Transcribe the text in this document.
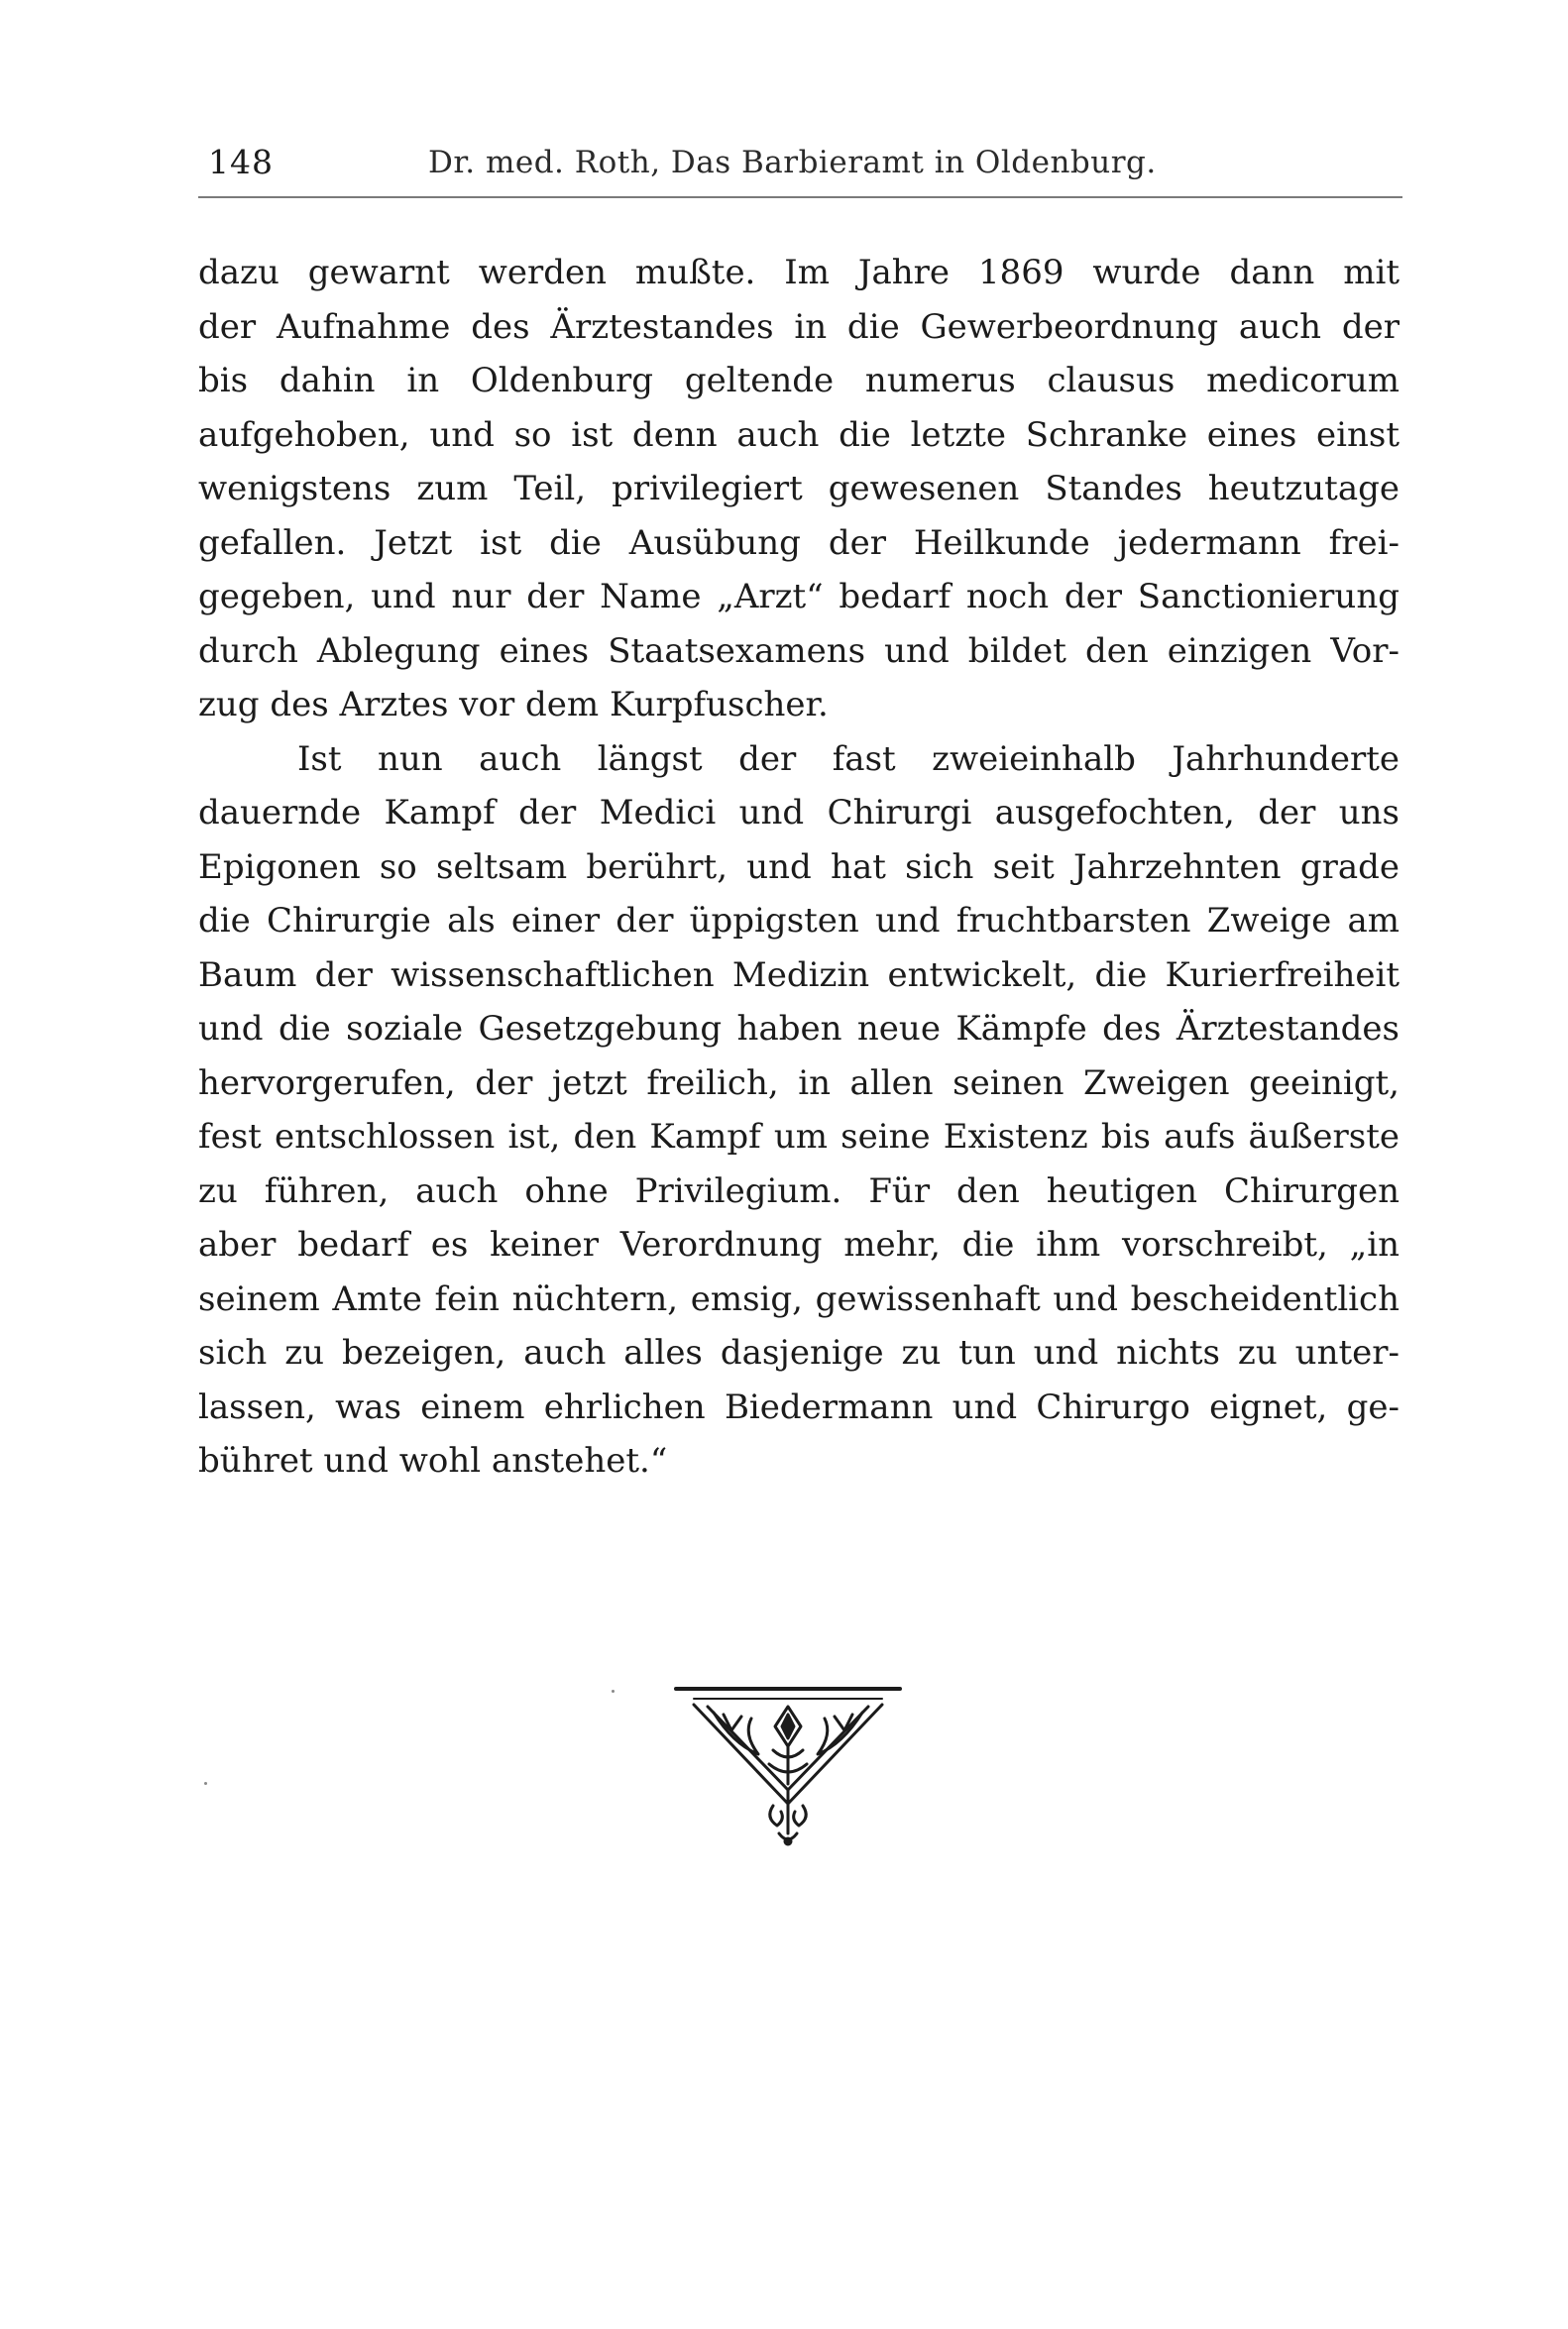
148	Dr. med. Roth, Das Barbieramt in Oldenburg.
dazu gewarnt werden mußte. Im Jahre 1869 wurde dann mit
der Aufnahme des Ärztestandes in die Gewerbeordnung auch der
bis dahin in Oldenburg geltende numerus clausus medicorum
aufgehoben, und so ist denn auch die letzte Schranke eines einst
wenigstens zum Teil, privilegiert gewesenen Standes heutzutage
gefallen. Jetzt ist die Ausübung der Heilkunde jedermann frei-
gegeben, und nur der Name „Arzt“ bedarf noch der Sanctionierung
durch Ablegung eines Staatsexamens und bildet den einzigen Vor-
zug des Arztes vor dem Kurpfuscher.
Ist nun auch längst der fast zweieinhalb Jahrhunderte
dauernde Kampf der Medici und Chirurgi ausgefochten, der uns
Epigonen so seltsam berührt, und hat sich seit Jahrzehnten grade
die Chirurgie als einer der üppigsten und fruchtbarsten Zweige am
Baum der wissenschaftlichen Medizin entwickelt, die Kurierfreiheit
und die soziale Gesetzgebung haben neue Kämpfe des Ärztestandes
hervorgerufen, der jetzt freilich, in allen seinen Zweigen geeinigt,
fest entschlossen ist, den Kampf um seine Existenz bis aufs äußerste
zu führen, auch ohne Privilegium. Für den heutigen Chirurgen
aber bedarf es keiner Verordnung mehr, die ihm vorschreibt, „in
seinem Amte fein nüchtern, emsig, gewissenhaft und bescheidentlich
sich zu bezeigen, auch alles dasjenige zu tun und nichts zu unter-
lassen, was einem ehrlichen Biedermann und Chirurgo eignet, ge-
bühret und wohl anstehet.“
